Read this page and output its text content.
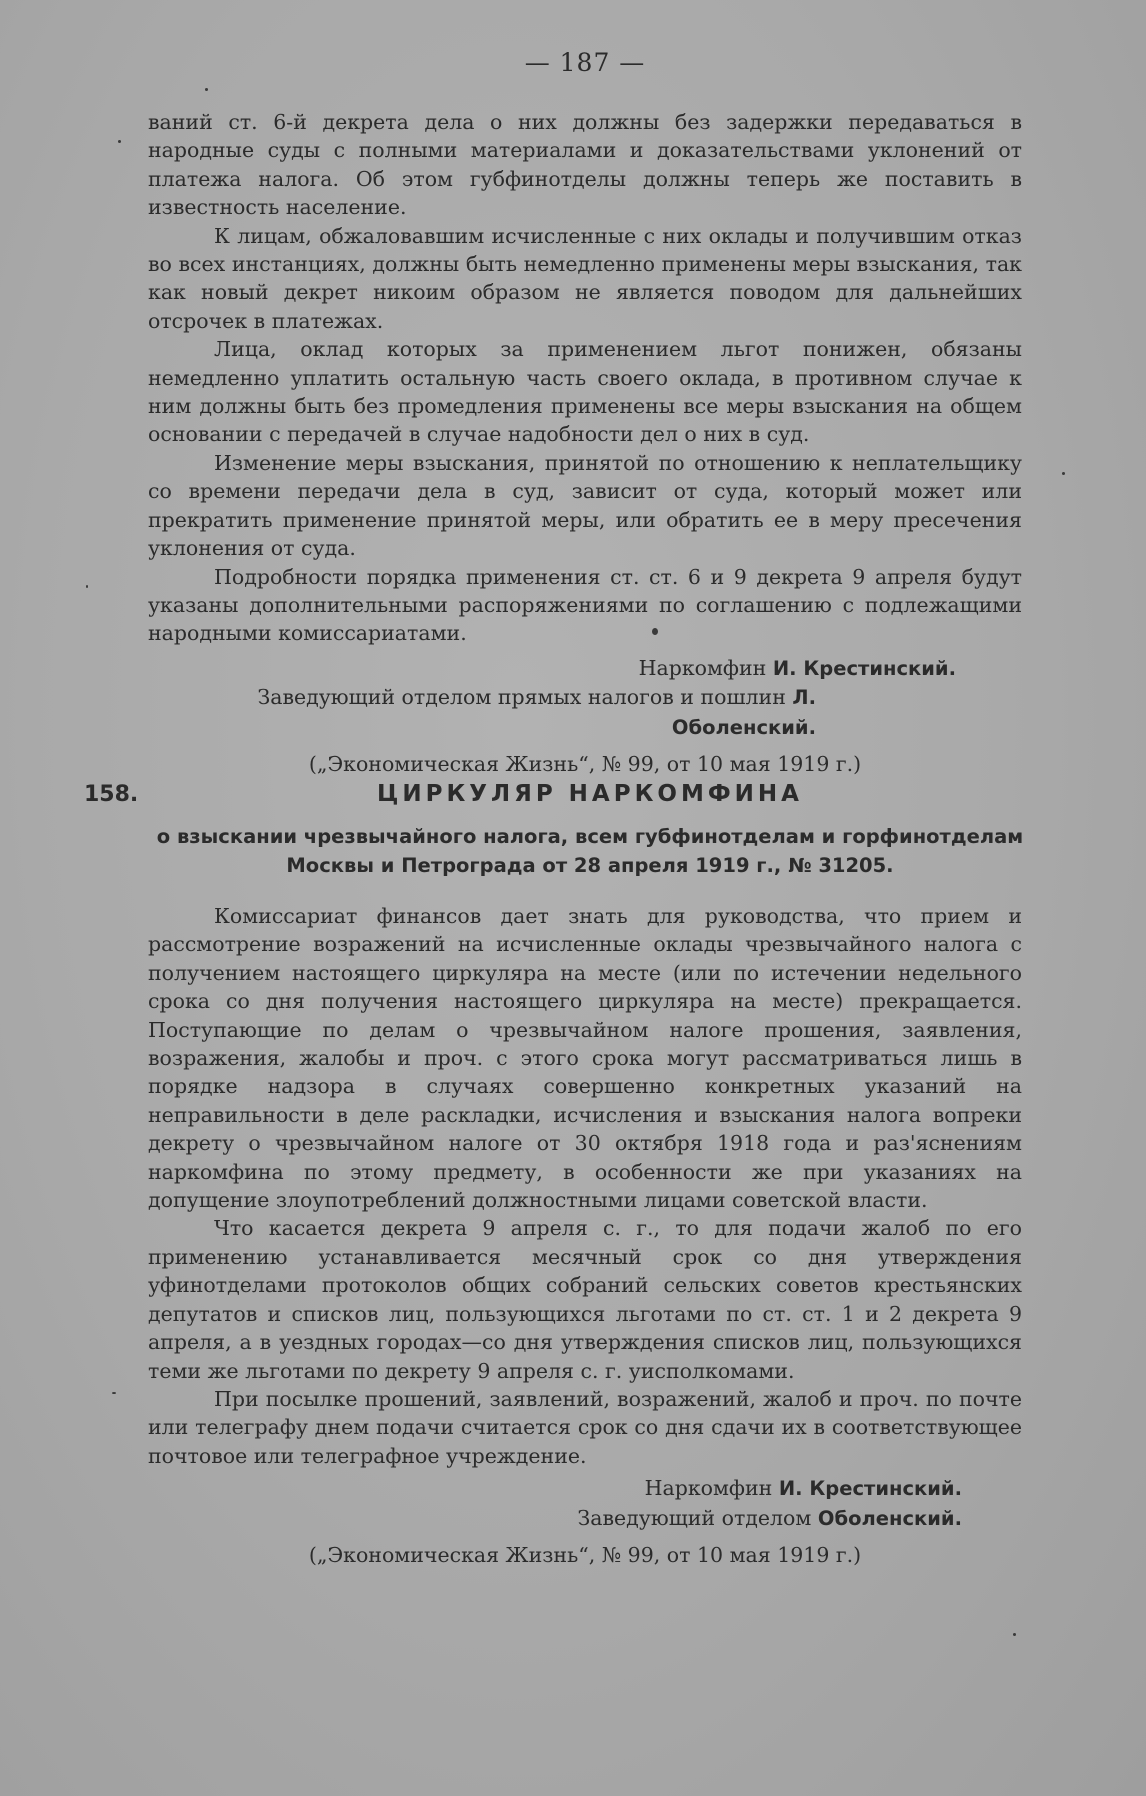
— 187 —

ваний ст. 6-й декрета дела о них должны без задержки передаваться в народные суды с полными материалами и доказательствами уклонений от платежа налога. Об этом губфинотделы должны теперь же поставить в известность население.

К лицам, обжаловавшим исчисленные с них оклады и получившим отказ во всех инстанциях, должны быть немедленно применены меры взыскания, так как новый декрет никоим образом не является поводом для дальнейших отсрочек в платежах.

Лица, оклад которых за применением льгот понижен, обязаны немедленно уплатить остальную часть своего оклада, в противном случае к ним должны быть без промедления применены все меры взыскания на общем основании с передачей в случае надобности дел о них в суд.

Изменение меры взыскания, принятой по отношению к неплательщику со времени передачи дела в суд, зависит от суда, который может или прекратить применение принятой меры, или обратить ее в меру пресечения уклонения от суда.

Подробности порядка применения ст. ст. 6 и 9 декрета 9 апреля будут указаны дополнительными распоряжениями по соглашению с подлежащими народными комиссариатами.

Наркомфин И. Крестинский.

Заведующий отделом прямых налогов и пошлин Л. Оболенский.

(„Экономическая Жизнь“, № 99, от 10 мая 1919 г.)

158.	ЦИРКУЛЯР НАРКОМФИНА
о взыскании чрезвычайного налога, всем губфинотделам и горфинотделам
Москвы и Петрограда от 28 апреля 1919 г., № 31205.

Комиссариат финансов дает знать для руководства, что прием и рассмотрение возражений на исчисленные оклады чрезвычайного налога с получением настоящего циркуляра на месте (или по истечении недельного срока со дня получения настоящего циркуляра на месте) прекращается. Поступающие по делам о чрезвычайном налоге прошения, заявления, возражения, жалобы и проч. с этого срока могут рассматриваться лишь в порядке надзора в случаях совершенно конкретных указаний на неправильности в деле раскладки, исчисления и взыскания налога вопреки декрету о чрезвычайном налоге от 30 октября 1918 года и раз'яснениям наркомфина по этому предмету, в особенности же при указаниях на допущение злоупотреблений должностными лицами советской власти.

Что касается декрета 9 апреля с. г., то для подачи жалоб по его применению устанавливается месячный срок со дня утверждения уфинотделами протоколов общих собраний сельских советов крестьянских депутатов и списков лиц, пользующихся льготами по ст. ст. 1 и 2 декрета 9 апреля, а в уездных городах—со дня утверждения списков лиц, пользующихся теми же льготами по декрету 9 апреля с. г. уисполкомами.

При посылке прошений, заявлений, возражений, жалоб и проч. по почте или телеграфу днем подачи считается срок со дня сдачи их в соответствующее почтовое или телеграфное учреждение.

Наркомфин И. Крестинский.

Заведующий отделом Оболенский.

(„Экономическая Жизнь“, № 99, от 10 мая 1919 г.)
